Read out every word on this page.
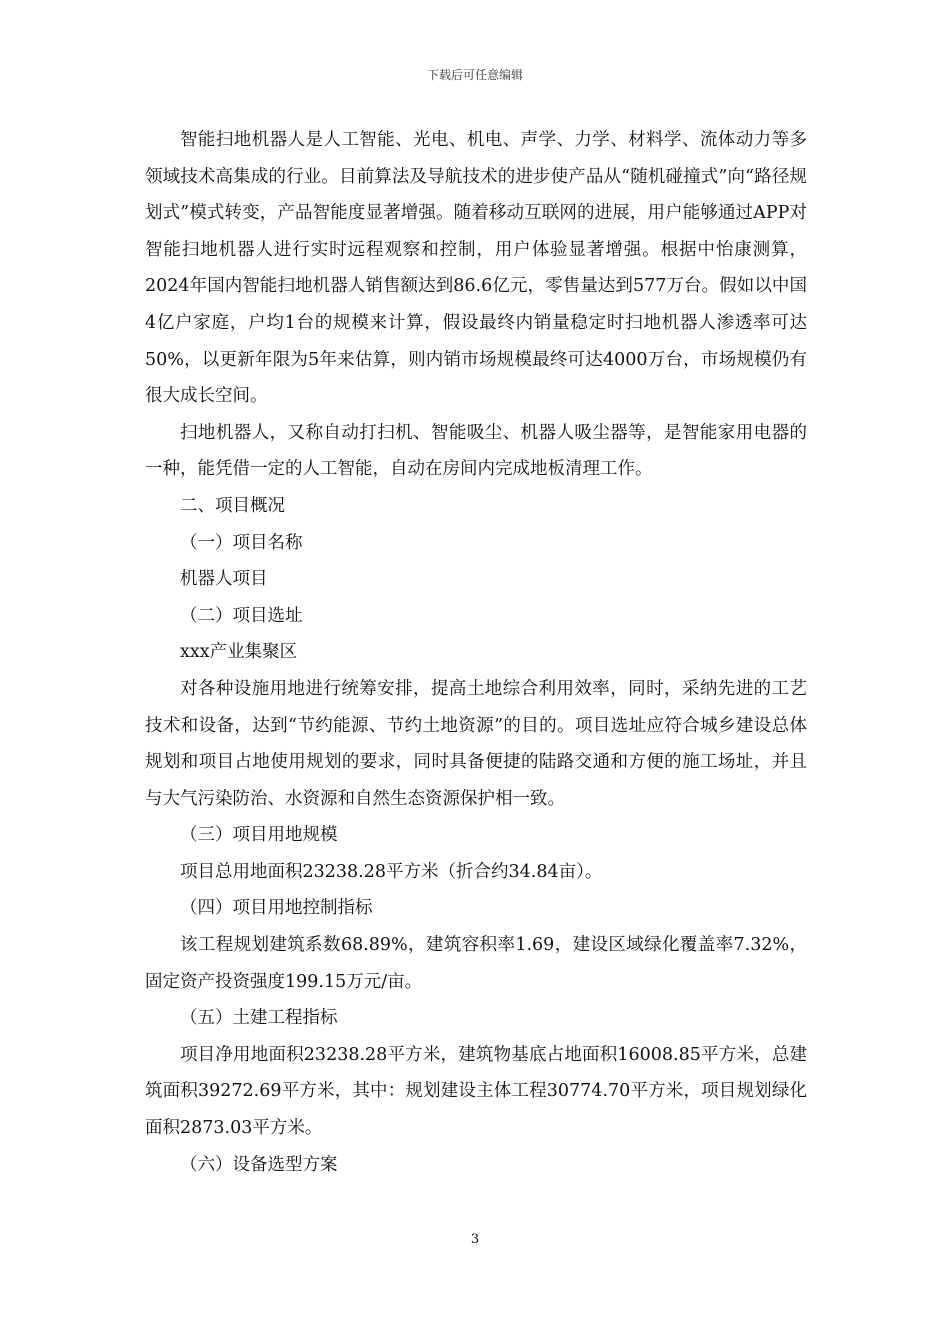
下载后可任意编辑

智能扫地机器人是人工智能、光电、机电、声学、力学、材料学、流体动力等多领域技术高集成的行业。目前算法及导航技术的进步使产品从“随机碰撞式”向“路径规划式”模式转变，产品智能度显著增强。随着移动互联网的进展，用户能够通过APP对智能扫地机器人进行实时远程观察和控制，用户体验显著增强。根据中怡康测算，2024年国内智能扫地机器人销售额达到86.6亿元，零售量达到577万台。假如以中国4亿户家庭，户均1台的规模来计算，假设最终内销量稳定时扫地机器人渗透率可达50%，以更新年限为5年来估算，则内销市场规模最终可达4000万台，市场规模仍有很大成长空间。

扫地机器人，又称自动打扫机、智能吸尘、机器人吸尘器等，是智能家用电器的一种，能凭借一定的人工智能，自动在房间内完成地板清理工作。

二、项目概况

（一）项目名称

机器人项目

（二）项目选址

xxx产业集聚区

对各种设施用地进行统筹安排，提高土地综合利用效率，同时，采纳先进的工艺技术和设备，达到“节约能源、节约土地资源”的目的。项目选址应符合城乡建设总体规划和项目占地使用规划的要求，同时具备便捷的陆路交通和方便的施工场址，并且与大气污染防治、水资源和自然生态资源保护相一致。

（三）项目用地规模

项目总用地面积23238.28平方米（折合约34.84亩）。

（四）项目用地控制指标

该工程规划建筑系数68.89%，建筑容积率1.69，建设区域绿化覆盖率7.32%，固定资产投资强度199.15万元/亩。

（五）土建工程指标

项目净用地面积23238.28平方米，建筑物基底占地面积16008.85平方米，总建筑面积39272.69平方米，其中：规划建设主体工程30774.70平方米，项目规划绿化面积2873.03平方米。

（六）设备选型方案

3
